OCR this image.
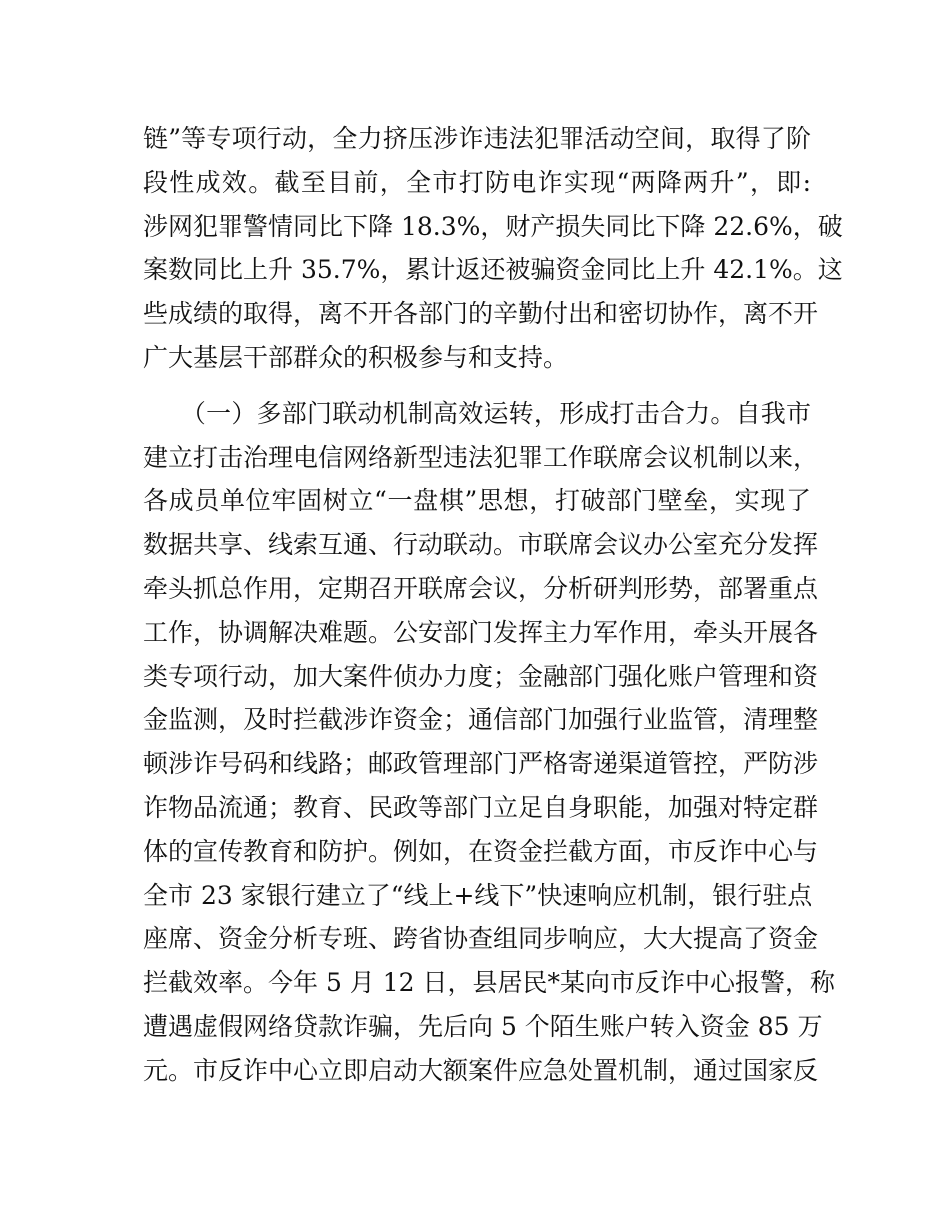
链”等专项行动，全力挤压涉诈违法犯罪活动空间，取得了阶
段性成效。截至目前，全市打防电诈实现“两降两升”，即:
涉网犯罪警情同比下降 18.3%，财产损失同比下降 22.6%，破
案数同比上升 35.7%，累计返还被骗资金同比上升 42.1%。这
些成绩的取得，离不开各部门的辛勤付出和密切协作，离不开
广大基层干部群众的积极参与和支持。

　　（一）多部门联动机制高效运转，形成打击合力。自我市
建立打击治理电信网络新型违法犯罪工作联席会议机制以来，
各成员单位牢固树立“一盘棋”思想，打破部门壁垒，实现了
数据共享、线索互通、行动联动。市联席会议办公室充分发挥
牵头抓总作用，定期召开联席会议，分析研判形势，部署重点
工作，协调解决难题。公安部门发挥主力军作用，牵头开展各
类专项行动，加大案件侦办力度；金融部门强化账户管理和资
金监测，及时拦截涉诈资金；通信部门加强行业监管，清理整
顿涉诈号码和线路；邮政管理部门严格寄递渠道管控，严防涉
诈物品流通；教育、民政等部门立足自身职能，加强对特定群
体的宣传教育和防护。例如，在资金拦截方面，市反诈中心与
全市 23 家银行建立了“线上+线下”快速响应机制，银行驻点
座席、资金分析专班、跨省协查组同步响应，大大提高了资金
拦截效率。今年 5 月 12 日，县居民*某向市反诈中心报警，称
遭遇虚假网络贷款诈骗，先后向 5 个陌生账户转入资金 85 万
元。市反诈中心立即启动大额案件应急处置机制，通过国家反
